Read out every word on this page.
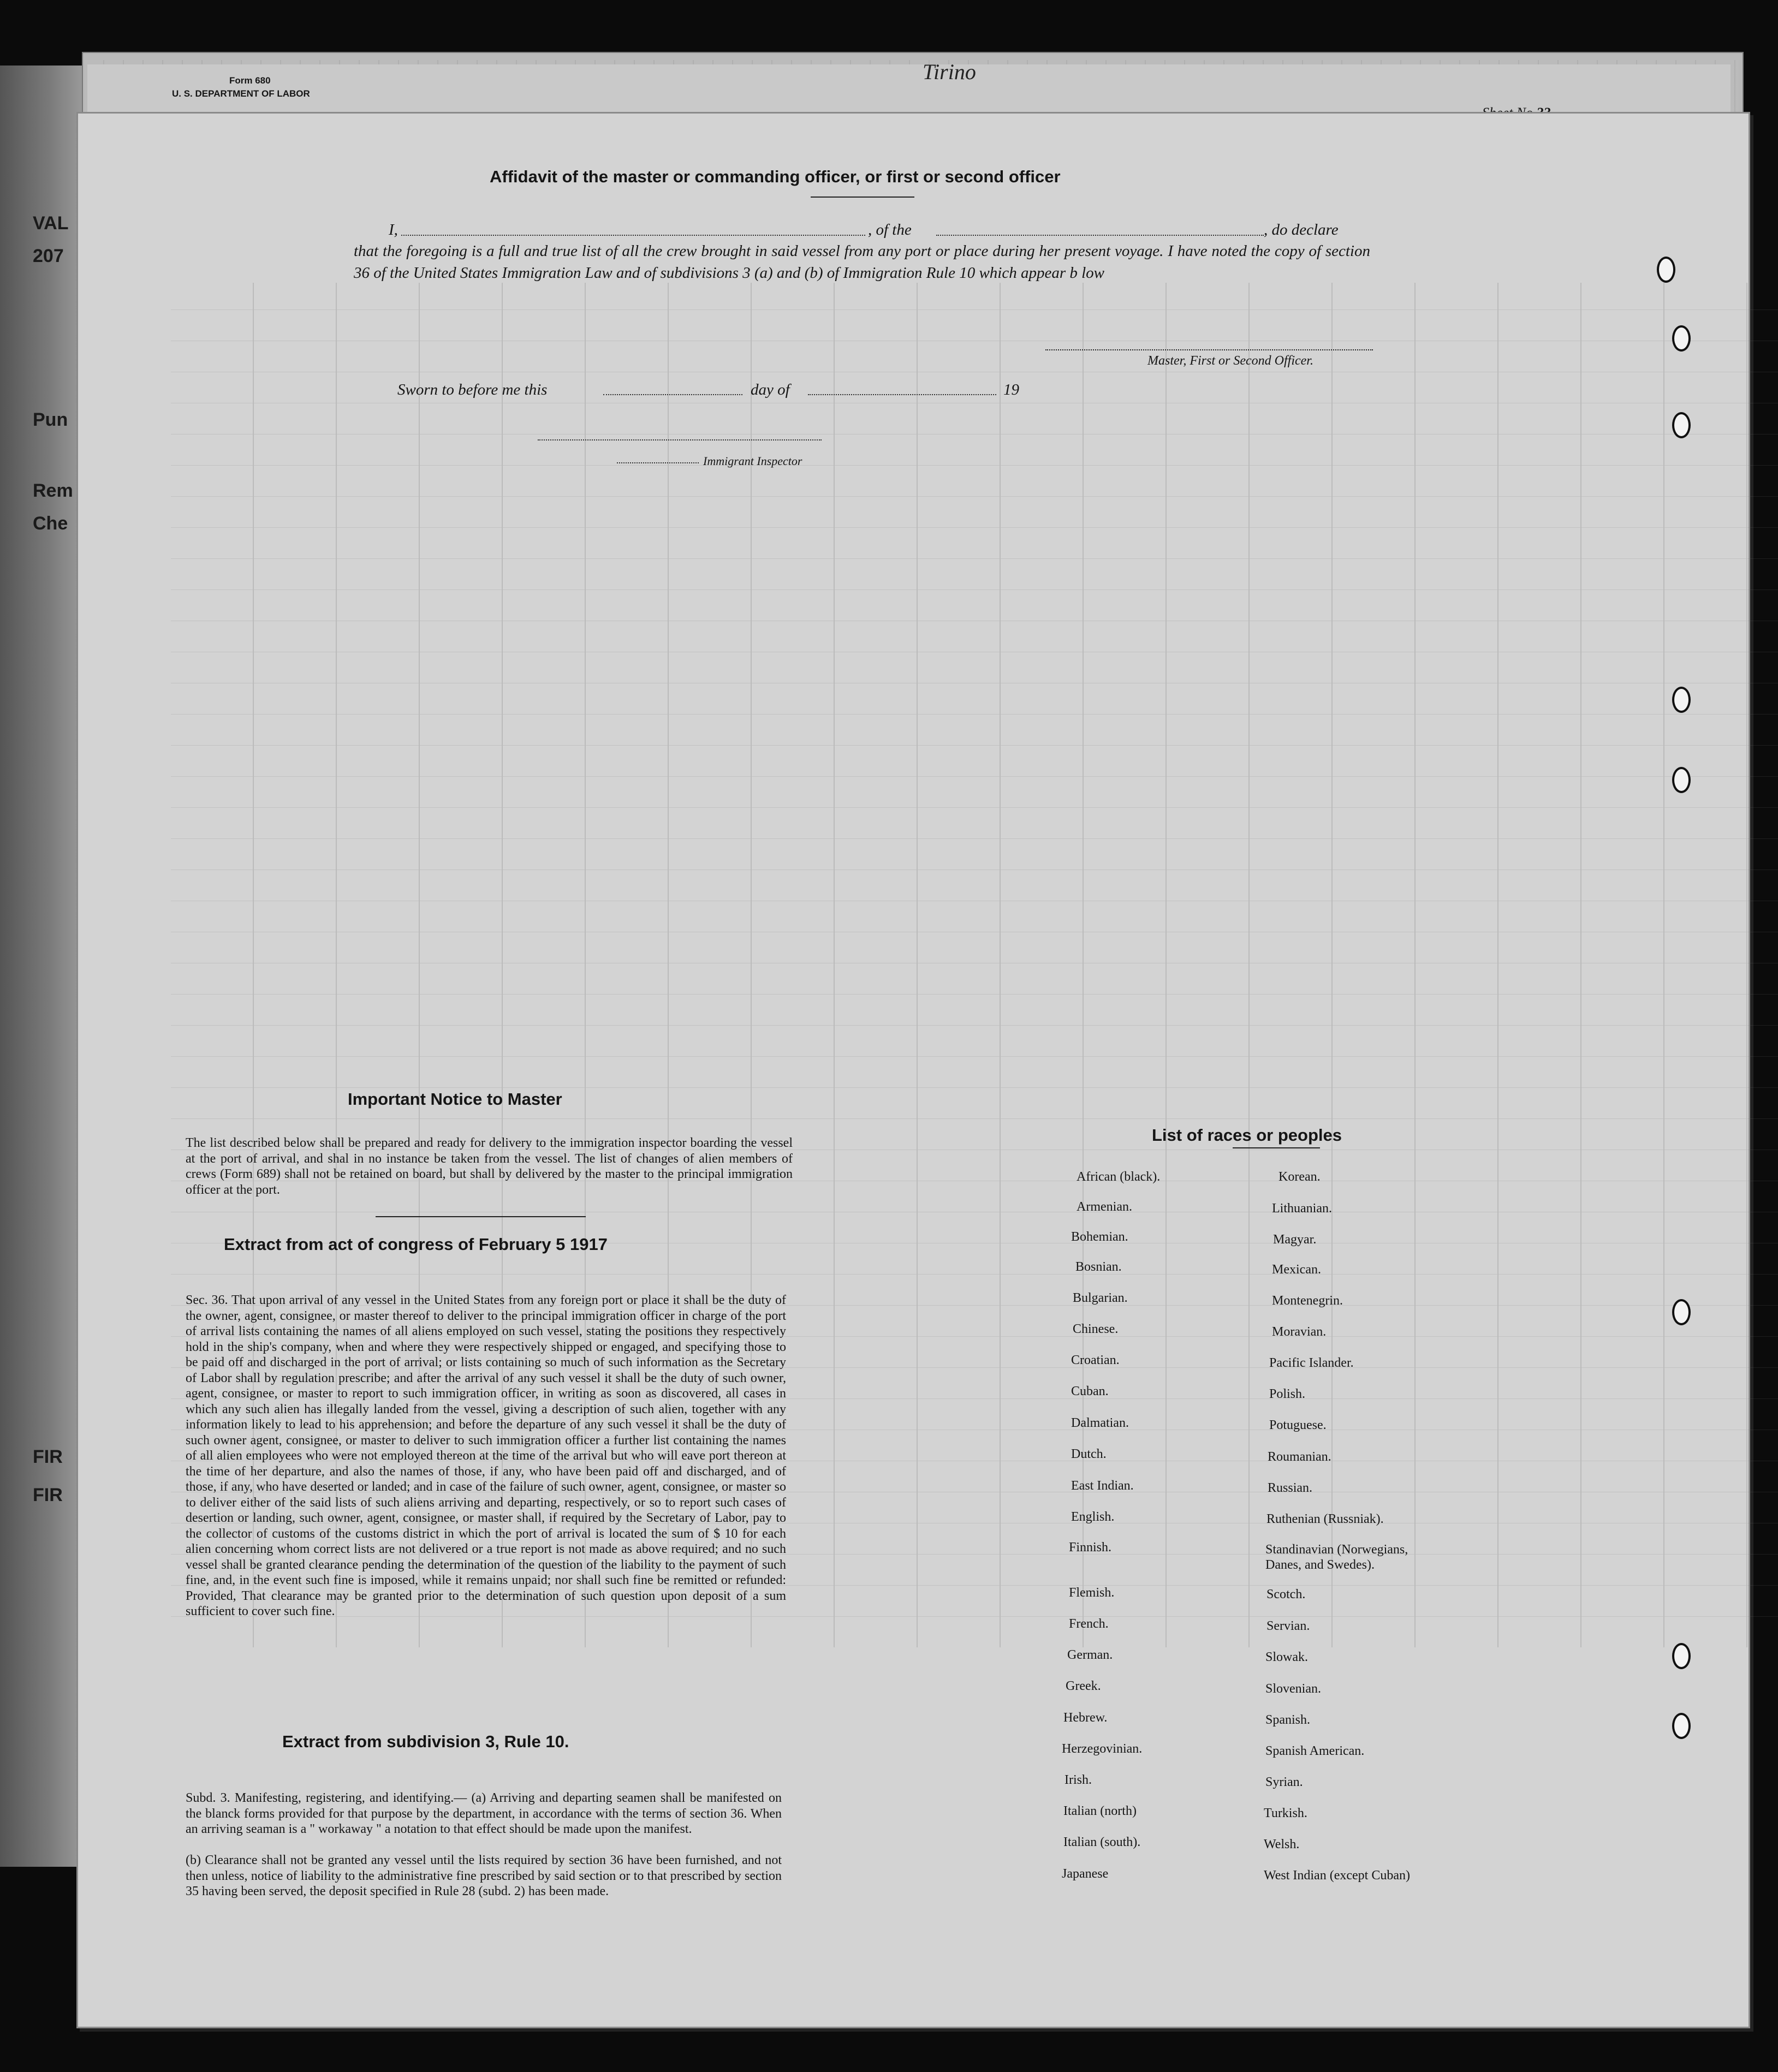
VAL
207
Pun
Rem
Che
FIR
FIR
Form 680
U. S. DEPARTMENT OF LABOR
Tirino
Affidavit of the master or commanding officer, or first or second officer
I,	, of the	, do declare
that the foregoing is a full and true list of all the crew brought in said vessel from any port or place during her present voyage. I have noted the copy of section 36 of the United States Immigration Law and of subdivisions 3 (a) and (b) of Immigration Rule 10 which appear b low
Master, First or Second Officer.
Sworn to before me this	day of	19
Immigrant Inspector
Important Notice to Master
The list described below shall be prepared and ready for delivery to the immigration inspector boarding the vessel at the port of arrival, and shal in no instance be taken from the vessel. The list of changes of alien members of crews (Form 689) shall not be retained on board, but shall by delivered by the master to the principal immigration officer at the port.
Extract from act of congress of February 5 1917
Sec. 36. That upon arrival of any vessel in the United States from any foreign port or place it shall be the duty of the owner, agent, consignee, or master thereof to deliver to the principal immigration officer in charge of the port of arrival lists containing the names of all aliens employed on such vessel, stating the positions they respectively hold in the ship's company, when and where they were respectively shipped or engaged, and specifying those to be paid off and discharged in the port of arrival; or lists containing so much of such information as the Secretary of Labor shall by regulation prescribe; and after the arrival of any such vessel it shall be the duty of such owner, agent, consignee, or master to report to such immigration officer, in writing as soon as discovered, all cases in which any such alien has illegally landed from the vessel, giving a description of such alien, together with any information likely to lead to his apprehension; and before the departure of any such vessel it shall be the duty of such owner agent, consignee, or master to deliver to such immigration officer a further list containing the names of all alien employees who were not employed thereon at the time of the arrival but who will eave port thereon at the time of her departure, and also the names of those, if any, who have been paid off and discharged, and of those, if any, who have deserted or landed; and in case of the failure of such owner, agent, consignee, or master so to deliver either of the said lists of such aliens arriving and departing, respectively, or so to report such cases of desertion or landing, such owner, agent, consignee, or master shall, if required by the Secretary of Labor, pay to the collector of customs of the customs district in which the port of arrival is located the sum of $ 10 for each alien concerning whom correct lists are not delivered or a true report is not made as above required; and no such vessel shall be granted clearance pending the determination of the question of the liability to the payment of such fine, and, in the event such fine is imposed, while it remains unpaid; nor shall such fine be remitted or refunded: Provided, That clearance may be granted prior to the determination of such question upon deposit of a sum sufficient to cover such fine.
Extract from subdivision 3, Rule 10.
Subd. 3. Manifesting, registering, and identifying.— (a) Arriving and departing seamen shall be manifested on the blanck forms provided for that purpose by the department, in accordance with the terms of section 36. When an arriving seaman is a " workaway " a notation to that effect should be made upon the manifest.
(b) Clearance shall not be granted any vessel until the lists required by section 36 have been furnished, and not then unless, notice of liability to the administrative fine prescribed by said section or to that prescribed by section 35 having been served, the deposit specified in Rule 28 (subd. 2) has been made.
List of races or peoples
African (black).
Armenian.
Bohemian.
Bosnian.
Bulgarian.
Chinese.
Croatian.
Cuban.
Dalmatian.
Dutch.
East Indian.
English.
Finnish.
Flemish.
French.
German.
Greek.
Hebrew.
Herzegovinian.
Irish.
Italian (north)
Italian (south).
Japanese
Korean.
Lithuanian.
Magyar.
Mexican.
Montenegrin.
Moravian.
Pacific Islander.
Polish.
Potuguese.
Roumanian.
Russian.
Ruthenian (Russniak).
Standinavian (Norwegians, Danes, and Swedes).
Scotch.
Servian.
Slowak.
Slovenian.
Spanish.
Spanish American.
Syrian.
Turkish.
Welsh.
West Indian (except Cuban)
